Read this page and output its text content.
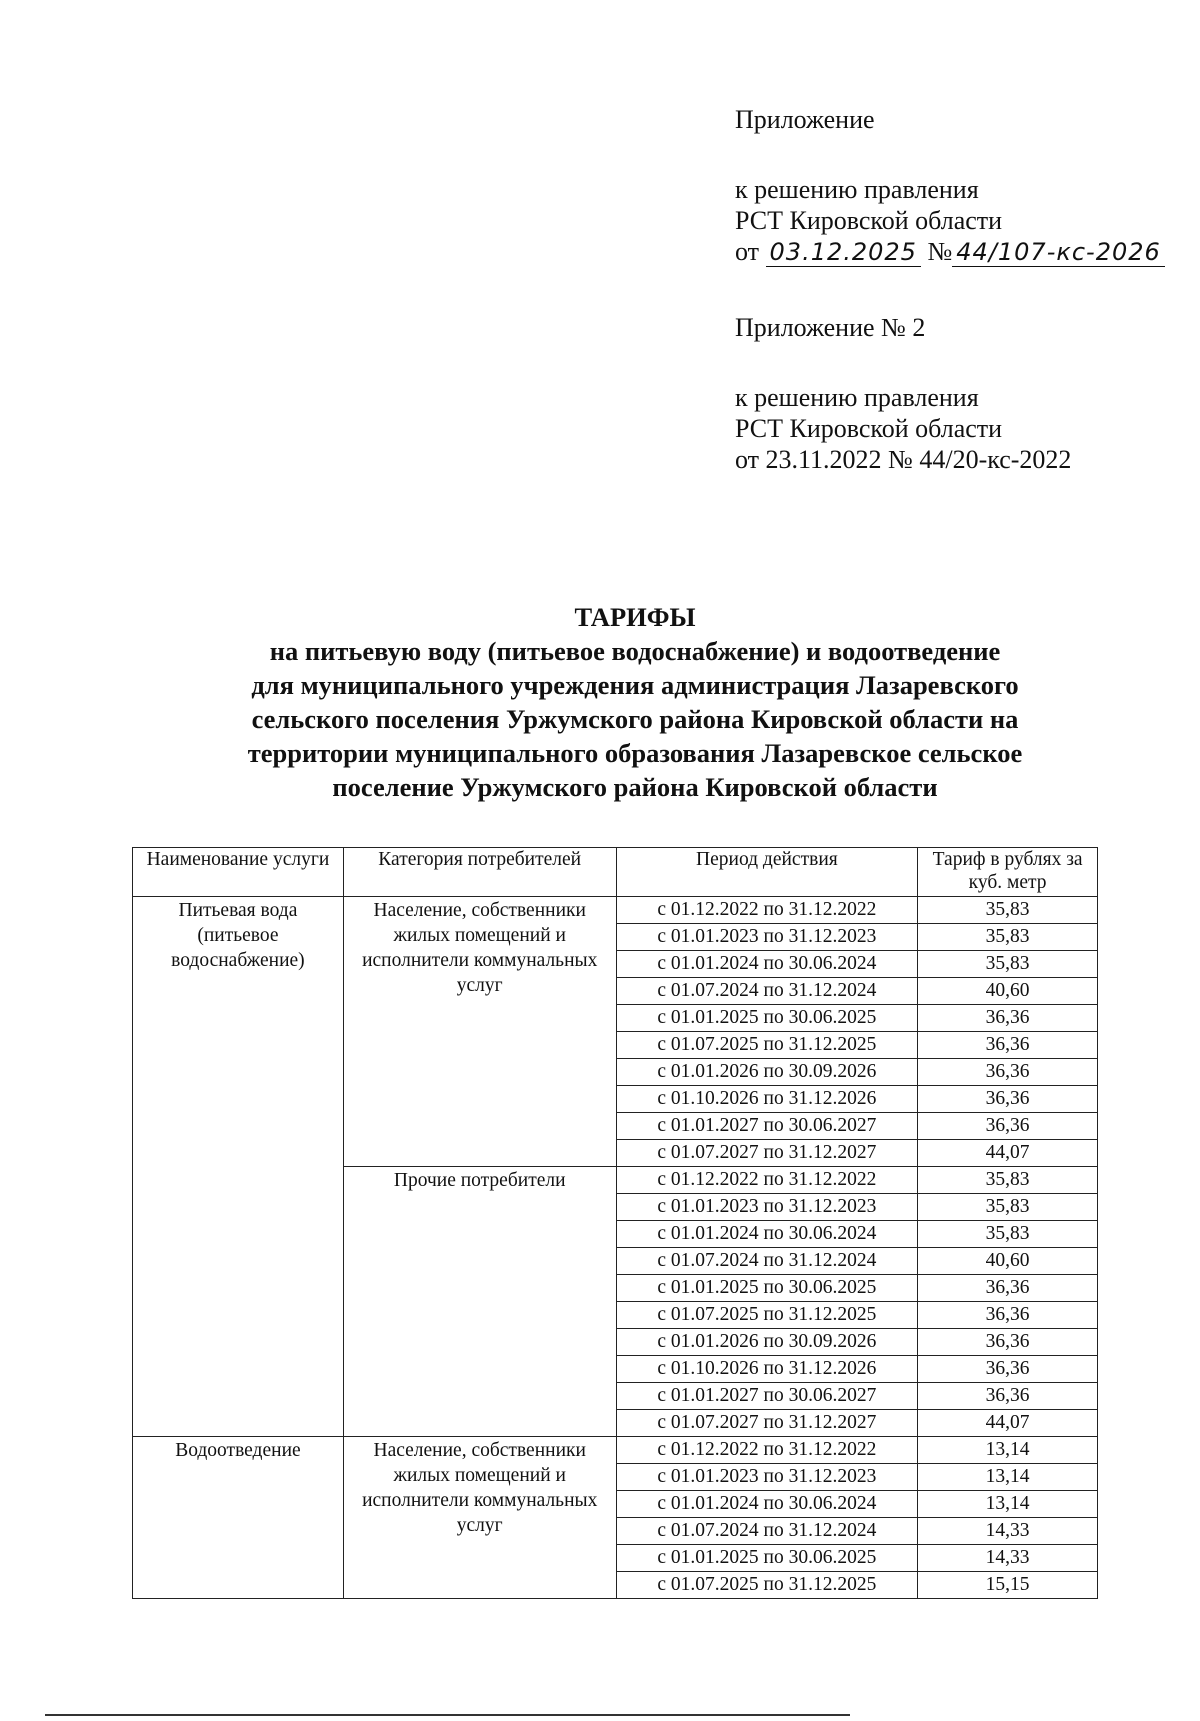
Приложение

к решению правления

РСТ Кировской области

от 03.12.2025 № 44/107-кс-2026

Приложение № 2

к решению правления

РСТ Кировской области

от 23.11.2022 № 44/20-кс-2022

ТАРИФЫ

на питьевую воду (питьевое водоснабжение) и водоотведение

для муниципального учреждения администрация Лазаревского

сельского поселения Уржумского района Кировской области на

территории муниципального образования Лазаревское сельское

поселение Уржумского района Кировской области

Наименование услуги	Категория потребителей	Период действия	Тариф в рублях за куб. метр
Питьевая вода (питьевое водоснабжение)	Население, собственники жилых помещений и исполнители коммунальных услуг	с 01.12.2022 по 31.12.2022	35,83
		с 01.01.2023 по 31.12.2023	35,83
		с 01.01.2024 по 30.06.2024	35,83
		с 01.07.2024 по 31.12.2024	40,60
		с 01.01.2025 по 30.06.2025	36,36
		с 01.07.2025 по 31.12.2025	36,36
		с 01.01.2026 по 30.09.2026	36,36
		с 01.10.2026 по 31.12.2026	36,36
		с 01.01.2027 по 30.06.2027	36,36
		с 01.07.2027 по 31.12.2027	44,07
	Прочие потребители	с 01.12.2022 по 31.12.2022	35,83
		с 01.01.2023 по 31.12.2023	35,83
		с 01.01.2024 по 30.06.2024	35,83
		с 01.07.2024 по 31.12.2024	40,60
		с 01.01.2025 по 30.06.2025	36,36
		с 01.07.2025 по 31.12.2025	36,36
		с 01.01.2026 по 30.09.2026	36,36
		с 01.10.2026 по 31.12.2026	36,36
		с 01.01.2027 по 30.06.2027	36,36
		с 01.07.2027 по 31.12.2027	44,07
Водоотведение	Население, собственники жилых помещений и исполнители коммунальных услуг	с 01.12.2022 по 31.12.2022	13,14
		с 01.01.2023 по 31.12.2023	13,14
		с 01.01.2024 по 30.06.2024	13,14
		с 01.07.2024 по 31.12.2024	14,33
		с 01.01.2025 по 30.06.2025	14,33
		с 01.07.2025 по 31.12.2025	15,15
